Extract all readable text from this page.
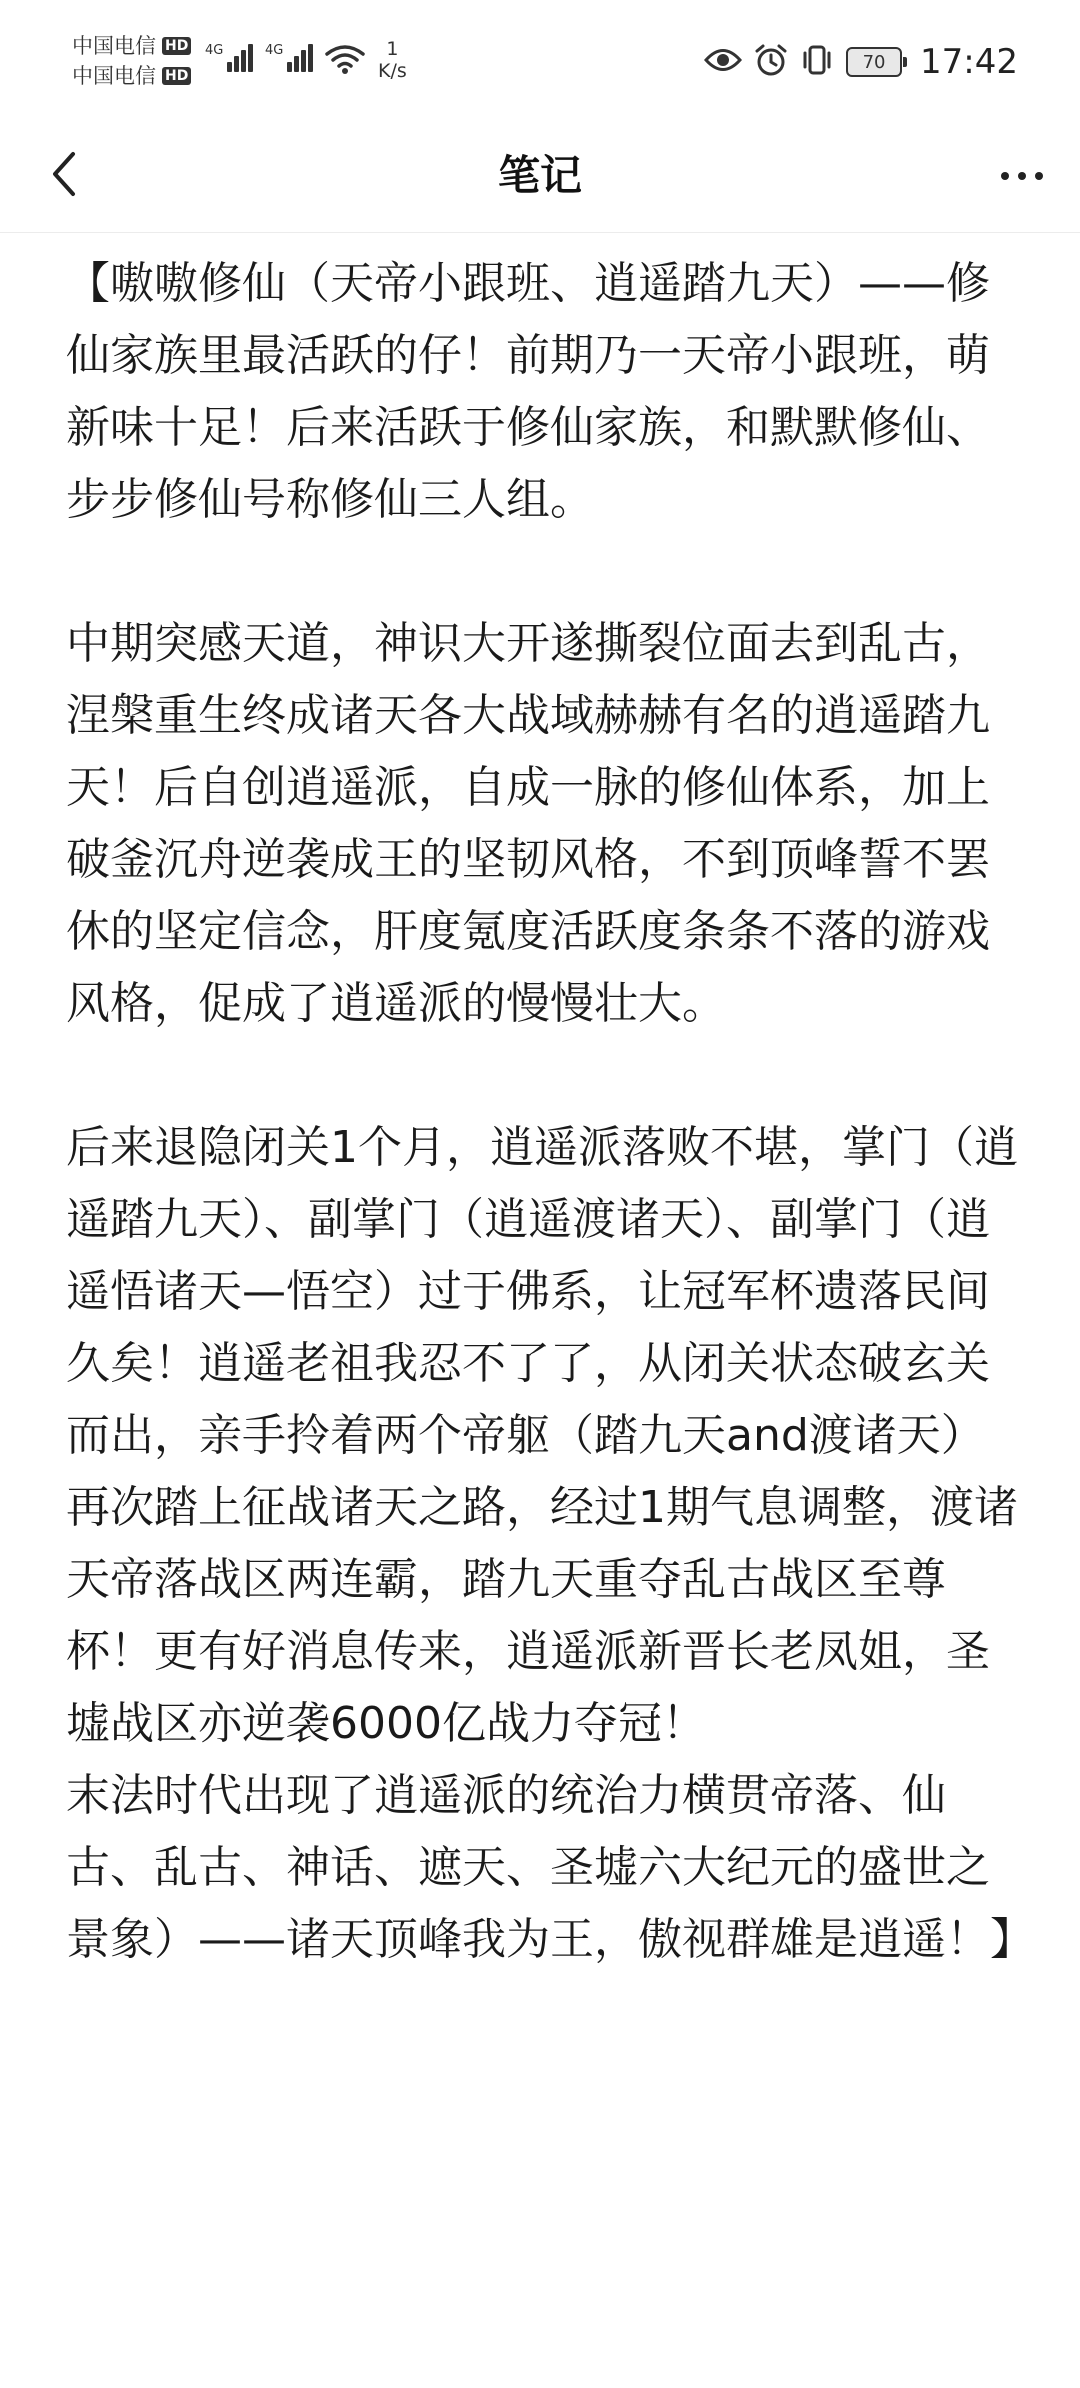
中国电信 HD
中国电信 HD
4G	4G	1
K/s	70 17:42
笔记

【嗷嗷修仙（天帝小跟班、逍遥踏九天）——修仙家族里最活跃的仔！前期乃一天帝小跟班，萌新味十足！后来活跃于修仙家族，和默默修仙、步步修仙号称修仙三人组。

中期突感天道，神识大开遂撕裂位面去到乱古，涅槃重生终成诸天各大战域赫赫有名的逍遥踏九天！后自创逍遥派，自成一脉的修仙体系，加上破釜沉舟逆袭成王的坚韧风格，不到顶峰誓不罢休的坚定信念，肝度氪度活跃度条条不落的游戏风格，促成了逍遥派的慢慢壮大。

后来退隐闭关1个月，逍遥派落败不堪，掌门（逍遥踏九天）、副掌门（逍遥渡诸天）、副掌门（逍遥悟诸天—悟空）过于佛系，让冠军杯遗落民间久矣！逍遥老祖我忍不了了，从闭关状态破玄关而出，亲手拎着两个帝躯（踏九天and渡诸天）再次踏上征战诸天之路，经过1期气息调整，渡诸天帝落战区两连霸，踏九天重夺乱古战区至尊杯！更有好消息传来，逍遥派新晋长老凤姐，圣墟战区亦逆袭6000亿战力夺冠！

末法时代出现了逍遥派的统治力横贯帝落、仙古、乱古、神话、遮天、圣墟六大纪元的盛世之景象）——诸天顶峰我为王，傲视群雄是逍遥！】
